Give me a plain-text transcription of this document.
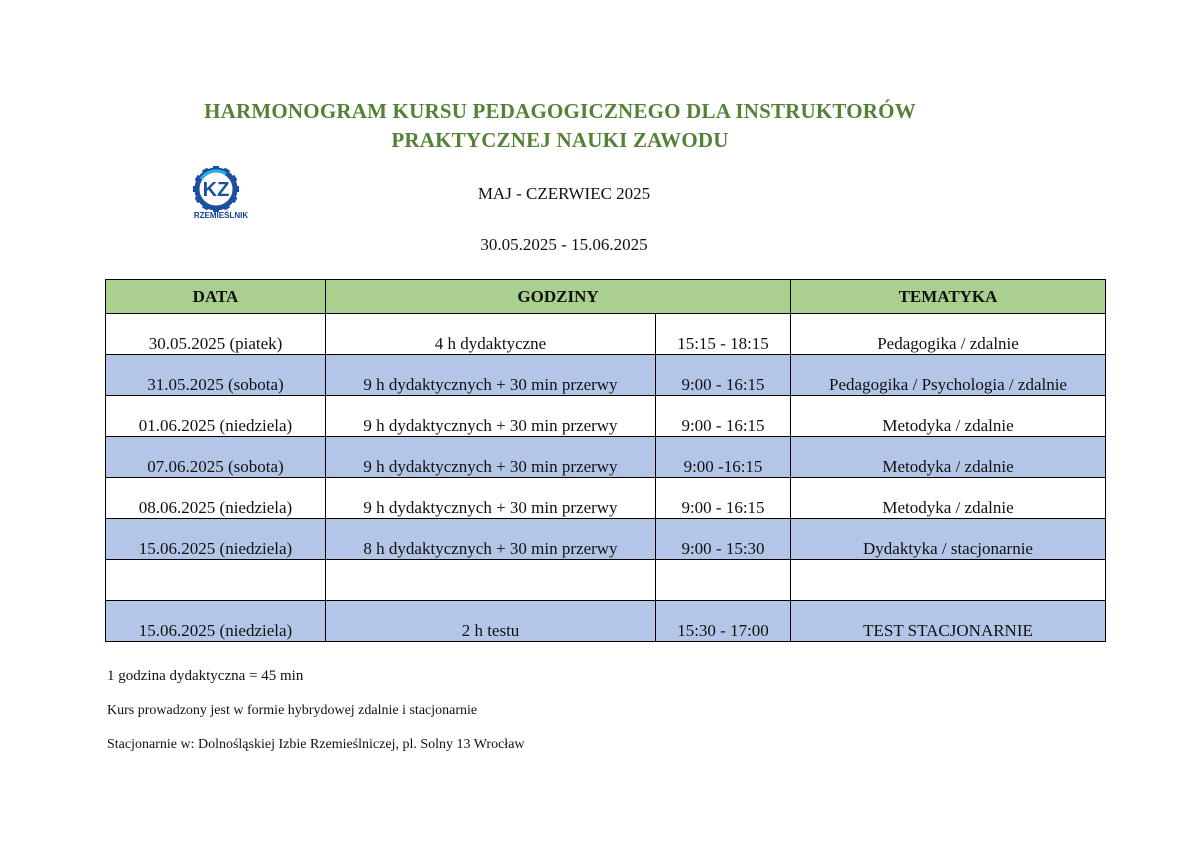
HARMONOGRAM KURSU PEDAGOGICZNEGO DLA INSTRUKTORÓW
PRAKTYCZNEJ NAUKI ZAWODU
KZ
RZEMIEŚLNIK
MAJ - CZERWIEC 2025
30.05.2025 - 15.06.2025
DATA	GODZINY		TEMATYKA
30.05.2025 (piatek)	4 h dydaktyczne	15:15 - 18:15	Pedagogika / zdalnie
31.05.2025 (sobota)	9 h dydaktycznych + 30 min przerwy	9:00 - 16:15	Pedagogika / Psychologia / zdalnie
01.06.2025 (niedziela)	9 h dydaktycznych + 30 min przerwy	9:00 - 16:15	Metodyka / zdalnie
07.06.2025 (sobota)	9 h dydaktycznych + 30 min przerwy	9:00 -16:15	Metodyka / zdalnie
08.06.2025 (niedziela)	9 h dydaktycznych + 30 min przerwy	9:00 - 16:15	Metodyka / zdalnie
15.06.2025 (niedziela)	8 h dydaktycznych + 30 min przerwy	9:00 - 15:30	Dydaktyka / stacjonarnie

15.06.2025 (niedziela)	2 h testu	15:30 - 17:00	TEST STACJONARNIE
1 godzina dydaktyczna = 45 min
Kurs prowadzony jest w formie hybrydowej zdalnie i stacjonarnie
Stacjonarnie w: Dolnośląskiej Izbie Rzemieślniczej, pl. Solny 13 Wrocław
